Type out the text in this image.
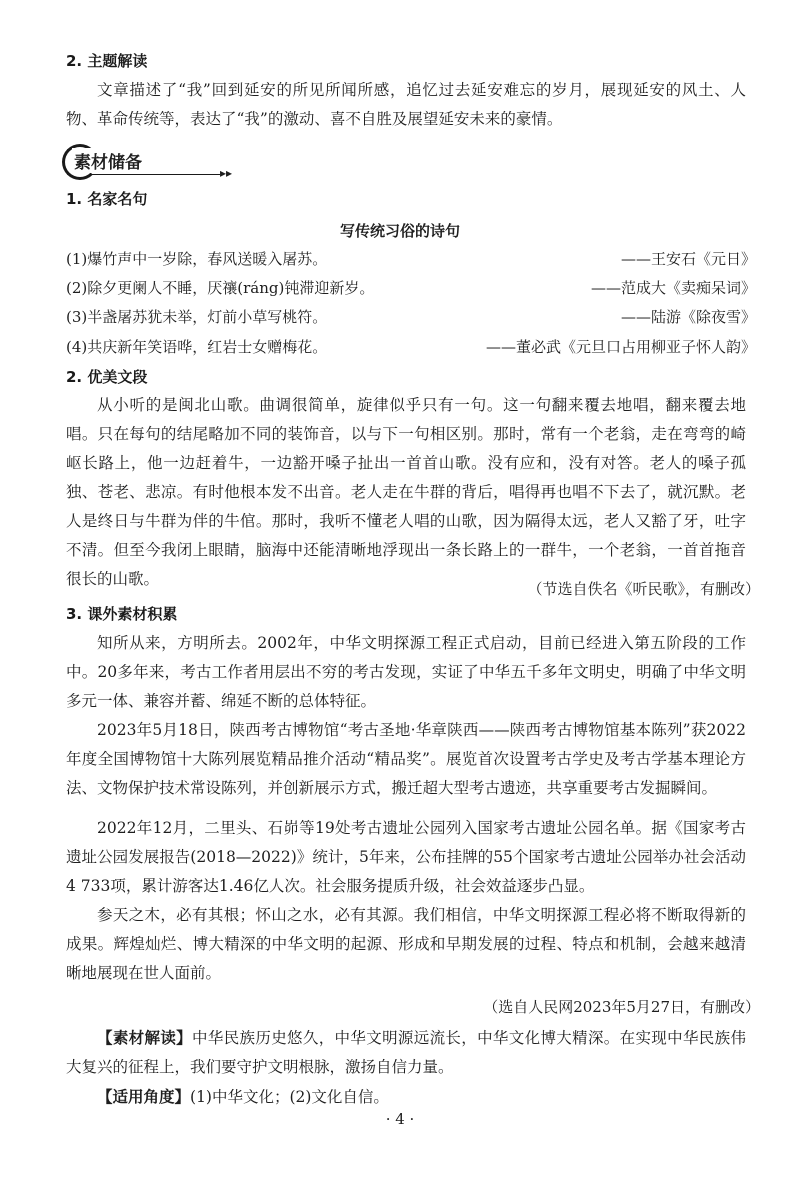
2. 主题解读

文章描述了“我”回到延安的所见所闻所感，追忆过去延安难忘的岁月，展现延安的风土、人物、革命传统等，表达了“我”的激动、喜不自胜及展望延安未来的豪情。

素材储备	▸▸
1. 名家名句
写传统习俗的诗句
(1)爆竹声中一岁除，春风送暖入屠苏。	——王安石《元日》
(2)除夕更阑人不睡，厌禳(ráng)钝滞迎新岁。	——范成大《卖痴呆词》
(3)半盏屠苏犹未举，灯前小草写桃符。	——陆游《除夜雪》
(4)共庆新年笑语哗，红岩士女赠梅花。	——董必武《元旦口占用柳亚子怀人韵》
2. 优美文段

从小听的是闽北山歌。曲调很简单，旋律似乎只有一句。这一句翻来覆去地唱，翻来覆去地唱。只在每句的结尾略加不同的装饰音，以与下一句相区别。那时，常有一个老翁，走在弯弯的崎岖长路上，他一边赶着牛，一边豁开嗓子扯出一首首山歌。没有应和，没有对答。老人的嗓子孤独、苍老、悲凉。有时他根本发不出音。老人走在牛群的背后，唱得再也唱不下去了，就沉默。老人是终日与牛群为伴的牛倌。那时，我听不懂老人唱的山歌，因为隔得太远，老人又豁了牙，吐字不清。但至今我闭上眼睛，脑海中还能清晰地浮现出一条长路上的一群牛，一个老翁，一首首拖音很长的山歌。

（节选自佚名《听民歌》，有删改）
3. 课外素材积累

知所从来，方明所去。2002年，中华文明探源工程正式启动，目前已经进入第五阶段的工作中。20多年来，考古工作者用层出不穷的考古发现，实证了中华五千多年文明史，明确了中华文明多元一体、兼容并蓄、绵延不断的总体特征。

2023年5月18日，陕西考古博物馆“考古圣地·华章陕西——陕西考古博物馆基本陈列”获2022年度全国博物馆十大陈列展览精品推介活动“精品奖”。展览首次设置考古学史及考古学基本理论方法、文物保护技术常设陈列，并创新展示方式，搬迁超大型考古遗迹，共享重要考古发掘瞬间。

2022年12月，二里头、石峁等19处考古遗址公园列入国家考古遗址公园名单。据《国家考古遗址公园发展报告(2018—2022)》统计，5年来，公布挂牌的55个国家考古遗址公园举办社会活动4 733项，累计游客达1.46亿人次。社会服务提质升级，社会效益逐步凸显。

参天之木，必有其根；怀山之水，必有其源。我们相信，中华文明探源工程必将不断取得新的成果。辉煌灿烂、博大精深的中华文明的起源、形成和早期发展的过程、特点和机制，会越来越清晰地展现在世人面前。

（选自人民网2023年5月27日，有删改）

【素材解读】中华民族历史悠久，中华文明源远流长，中华文化博大精深。在实现中华民族伟大复兴的征程上，我们要守护文明根脉，激扬自信力量。

【适用角度】(1)中华文化；(2)文化自信。

· 4 ·
